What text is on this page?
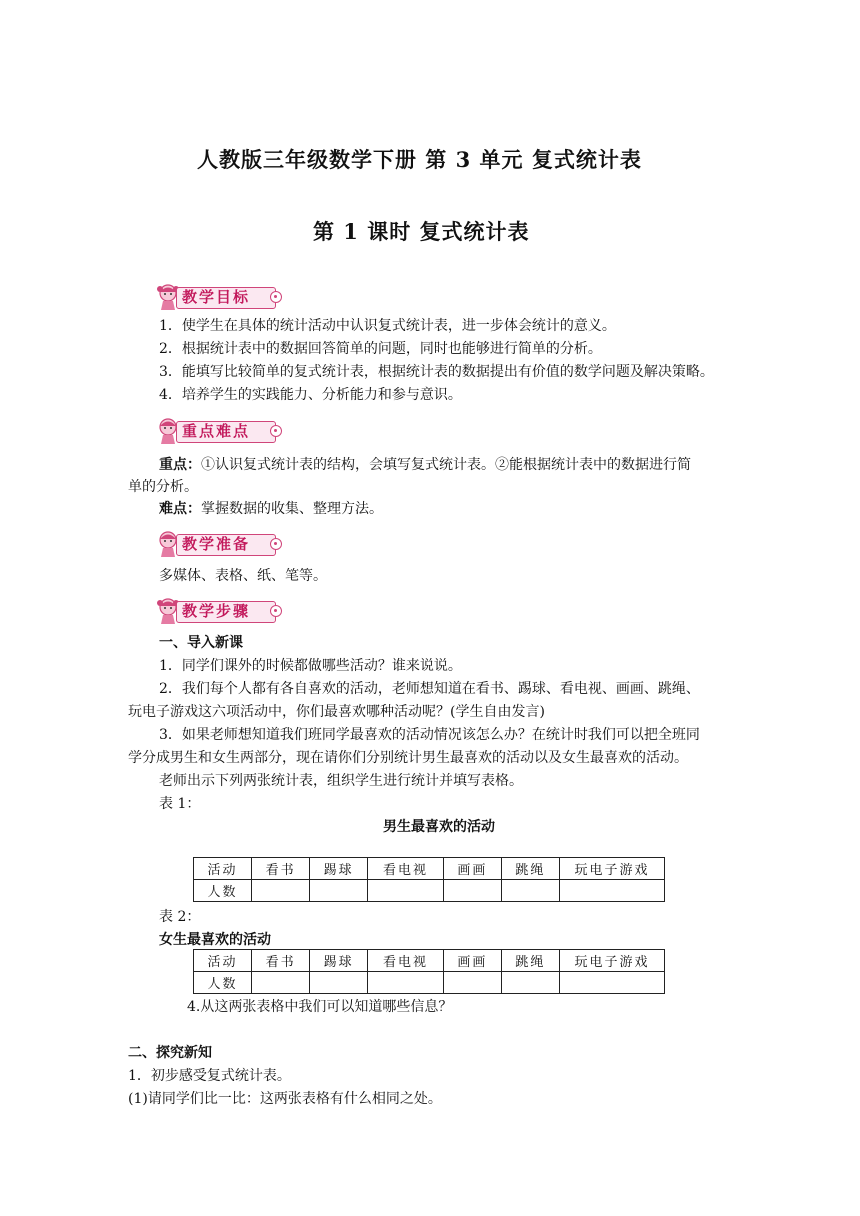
人教版三年级数学下册 第 3 单元 复式统计表
第 1 课时 复式统计表
教学目标
1．使学生在具体的统计活动中认识复式统计表，进一步体会统计的意义。
2．根据统计表中的数据回答简单的问题，同时也能够进行简单的分析。
3．能填写比较简单的复式统计表，根据统计表的数据提出有价值的数学问题及解决策略。
4．培养学生的实践能力、分析能力和参与意识。
重点难点
重点：①认识复式统计表的结构，会填写复式统计表。②能根据统计表中的数据进行简
单的分析。
难点：掌握数据的收集、整理方法。
教学准备
多媒体、表格、纸、笔等。
教学步骤
一、导入新课
1．同学们课外的时候都做哪些活动？谁来说说。
2．我们每个人都有各自喜欢的活动，老师想知道在看书、踢球、看电视、画画、跳绳、
玩电子游戏这六项活动中，你们最喜欢哪种活动呢？(学生自由发言)
3．如果老师想知道我们班同学最喜欢的活动情况该怎么办？在统计时我们可以把全班同
学分成男生和女生两部分，现在请你们分别统计男生最喜欢的活动以及女生最喜欢的活动。
老师出示下列两张统计表，组织学生进行统计并填写表格。
表 1：
男生最喜欢的活动
活动	看书	踢球	看电视	画画	跳绳	玩电子游戏
人数						
表 2：
女生最喜欢的活动
活动	看书	踢球	看电视	画画	跳绳	玩电子游戏
人数						
4.从这两张表格中我们可以知道哪些信息？
二、探究新知
1．初步感受复式统计表。
(1)请同学们比一比：这两张表格有什么相同之处。
